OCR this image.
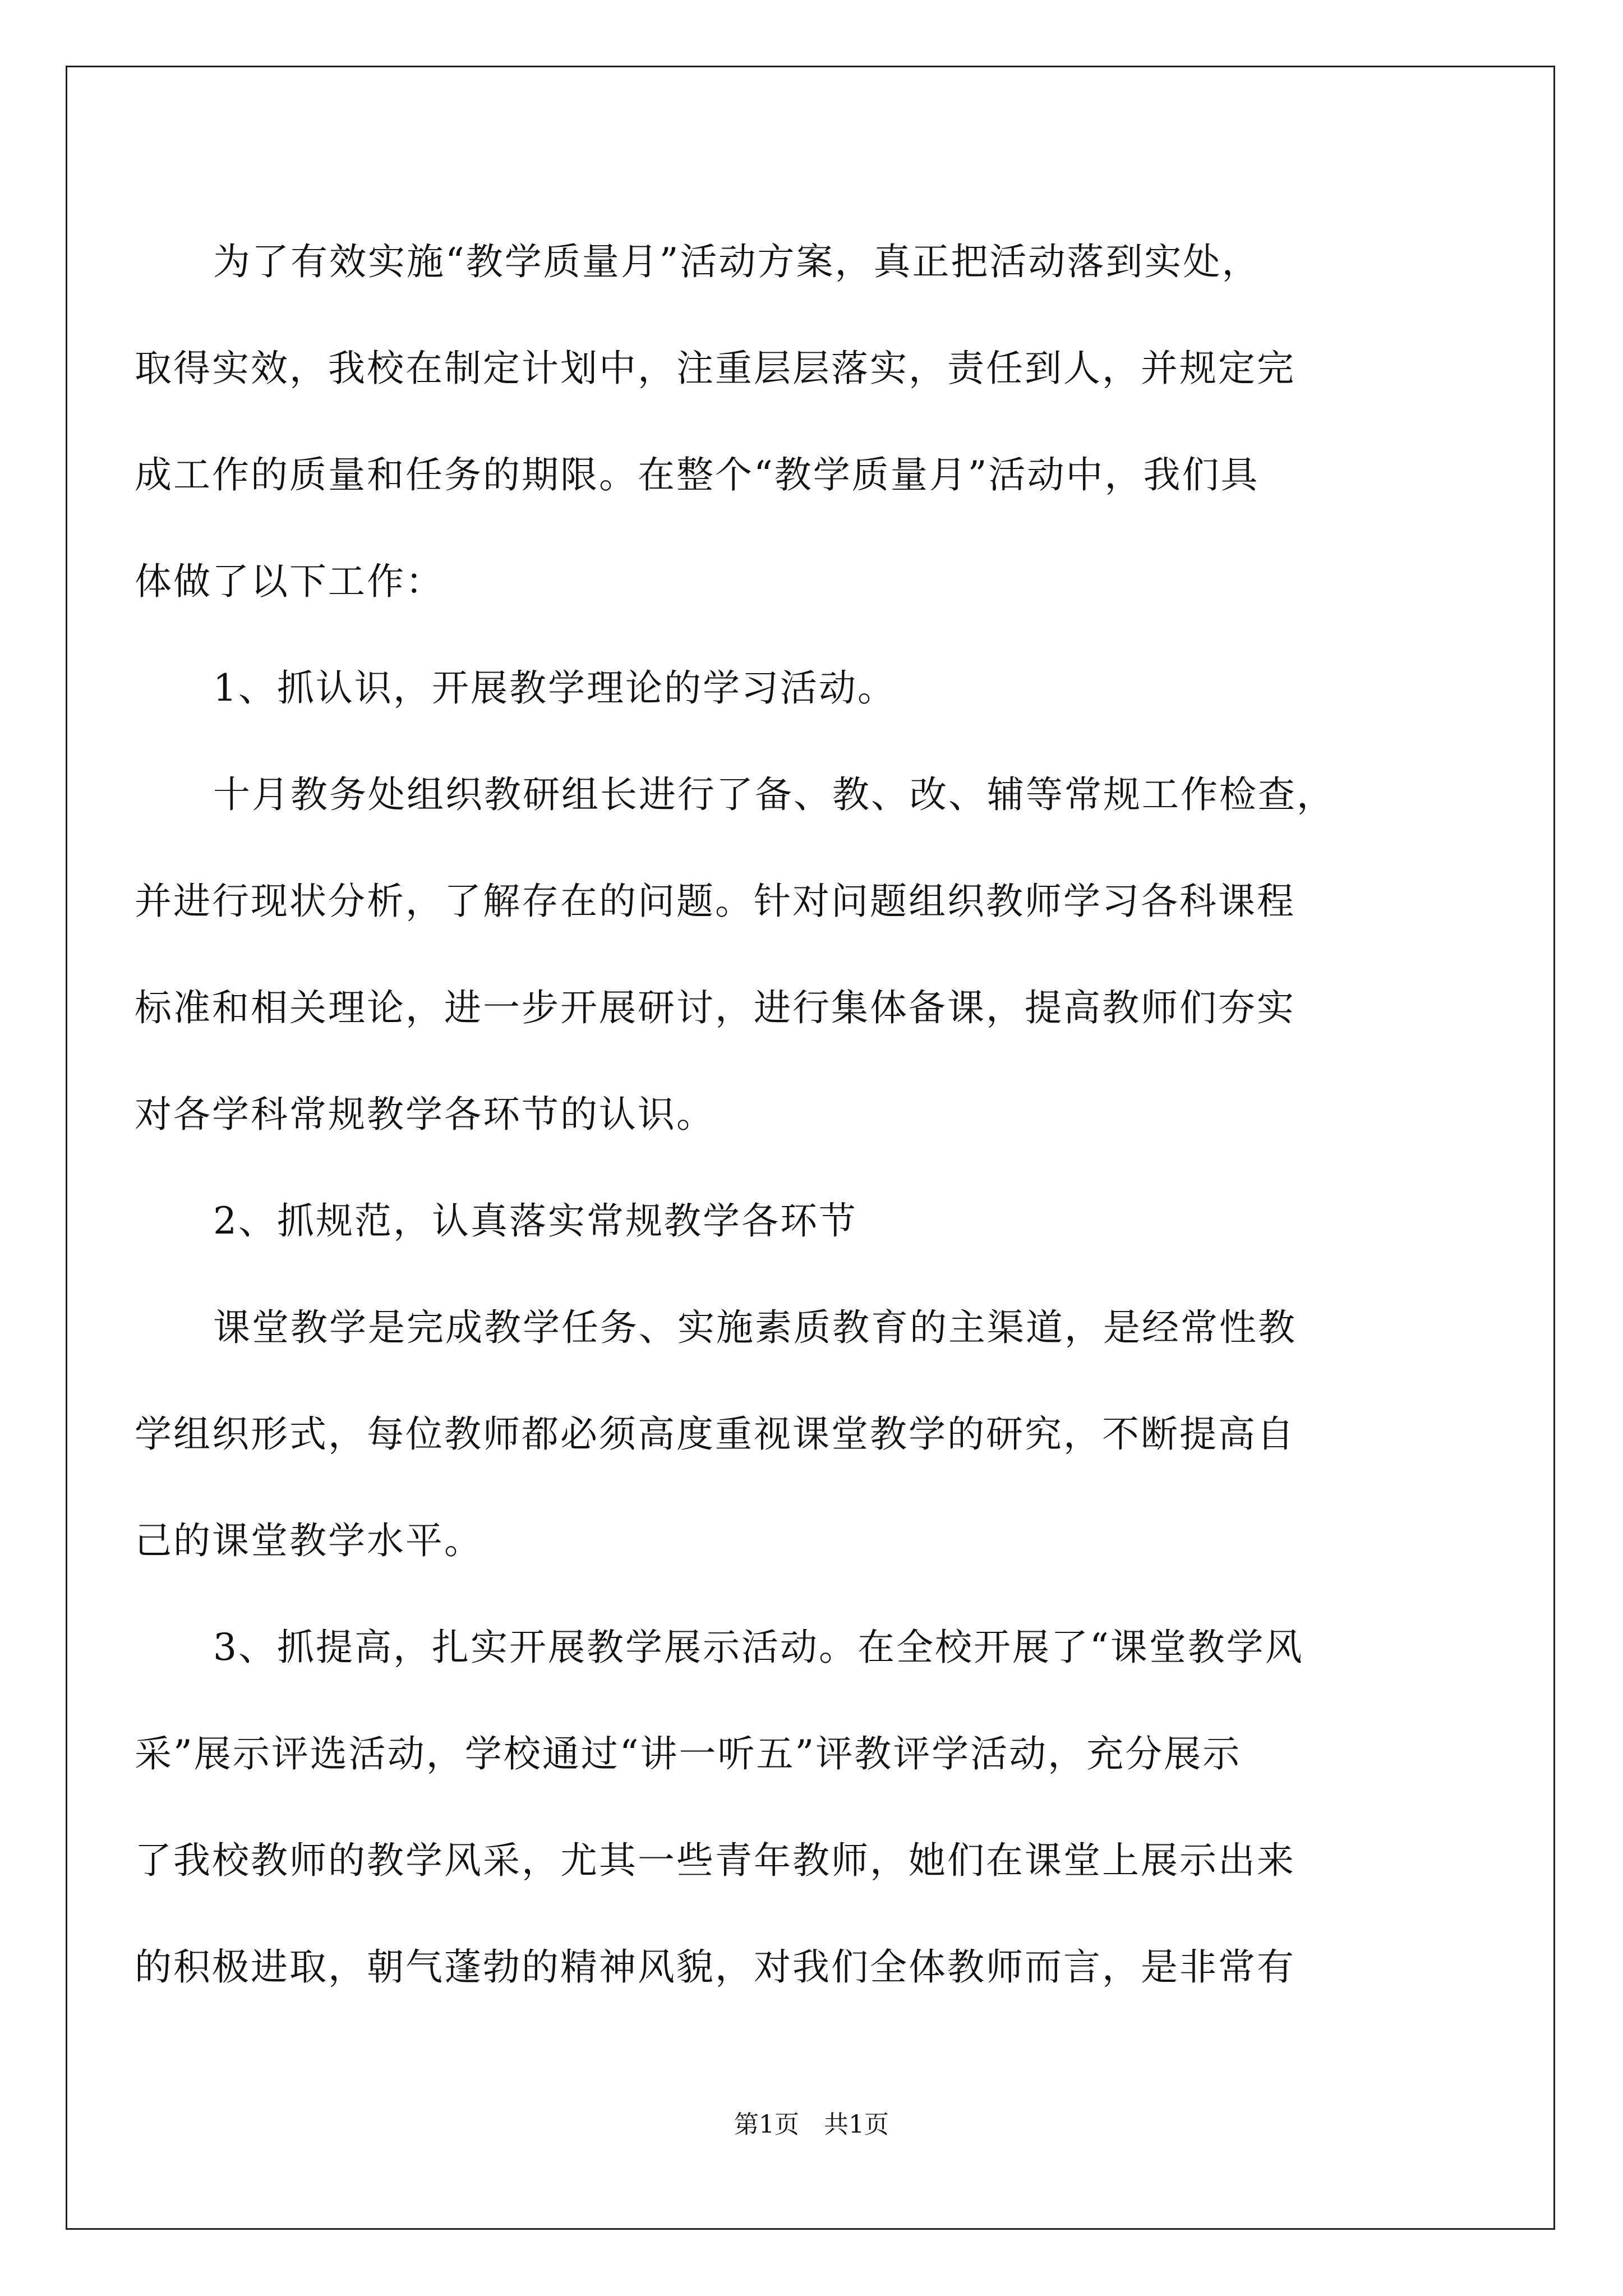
为了有效实施“教学质量月”活动方案，真正把活动落到实处，
取得实效，我校在制定计划中，注重层层落实，责任到人，并规定完
成工作的质量和任务的期限。在整个“教学质量月”活动中，我们具
体做了以下工作：
1、抓认识，开展教学理论的学习活动。
十月教务处组织教研组长进行了备、教、改、辅等常规工作检查，
并进行现状分析，了解存在的问题。针对问题组织教师学习各科课程
标准和相关理论，进一步开展研讨，进行集体备课，提高教师们夯实
对各学科常规教学各环节的认识。
2、抓规范，认真落实常规教学各环节
课堂教学是完成教学任务、实施素质教育的主渠道，是经常性教
学组织形式，每位教师都必须高度重视课堂教学的研究，不断提高自
己的课堂教学水平。
3、抓提高，扎实开展教学展示活动。在全校开展了“课堂教学风
采”展示评选活动，学校通过“讲一听五”评教评学活动，充分展示
了我校教师的教学风采，尤其一些青年教师，她们在课堂上展示出来
的积极进取，朝气蓬勃的精神风貌，对我们全体教师而言，是非常有
第1页 共1页
